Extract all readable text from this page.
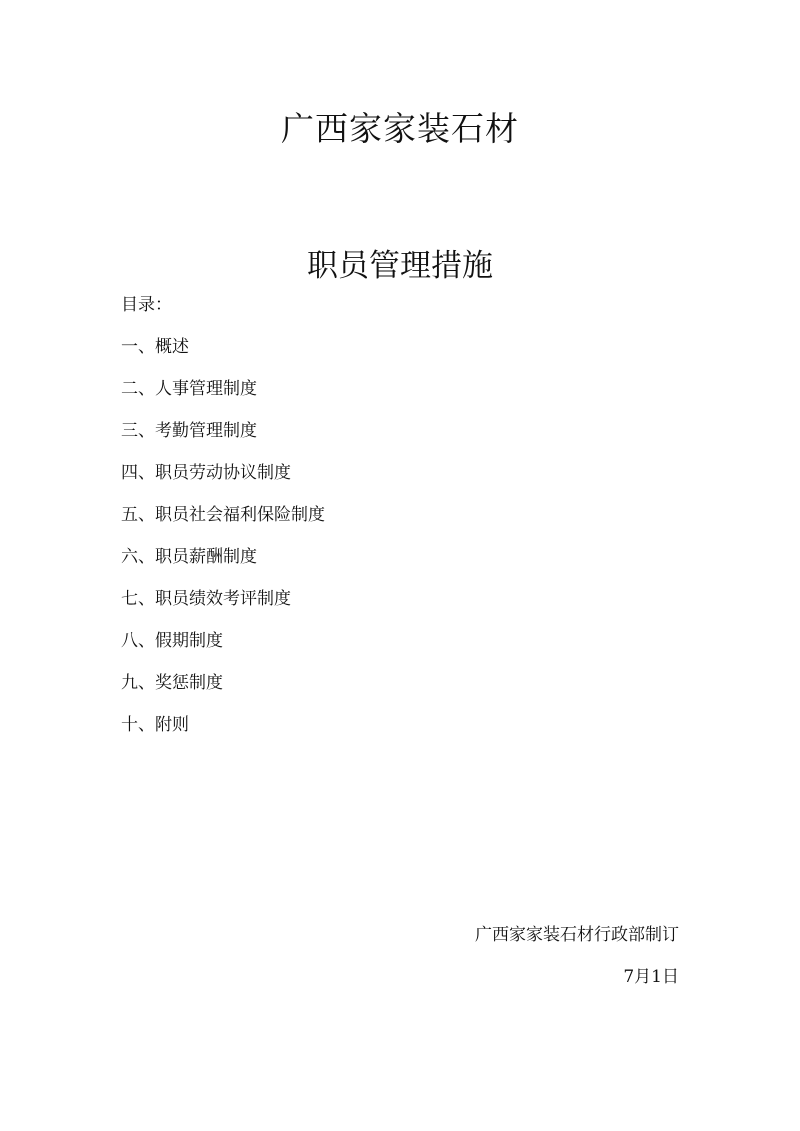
广西家家装石材
职员管理措施
目录：
一、概述
二、人事管理制度
三、考勤管理制度
四、职员劳动协议制度
五、职员社会福利保险制度
六、职员薪酬制度
七、职员绩效考评制度
八、假期制度
九、奖惩制度
十、附则
广西家家装石材行政部制订
7月1日
